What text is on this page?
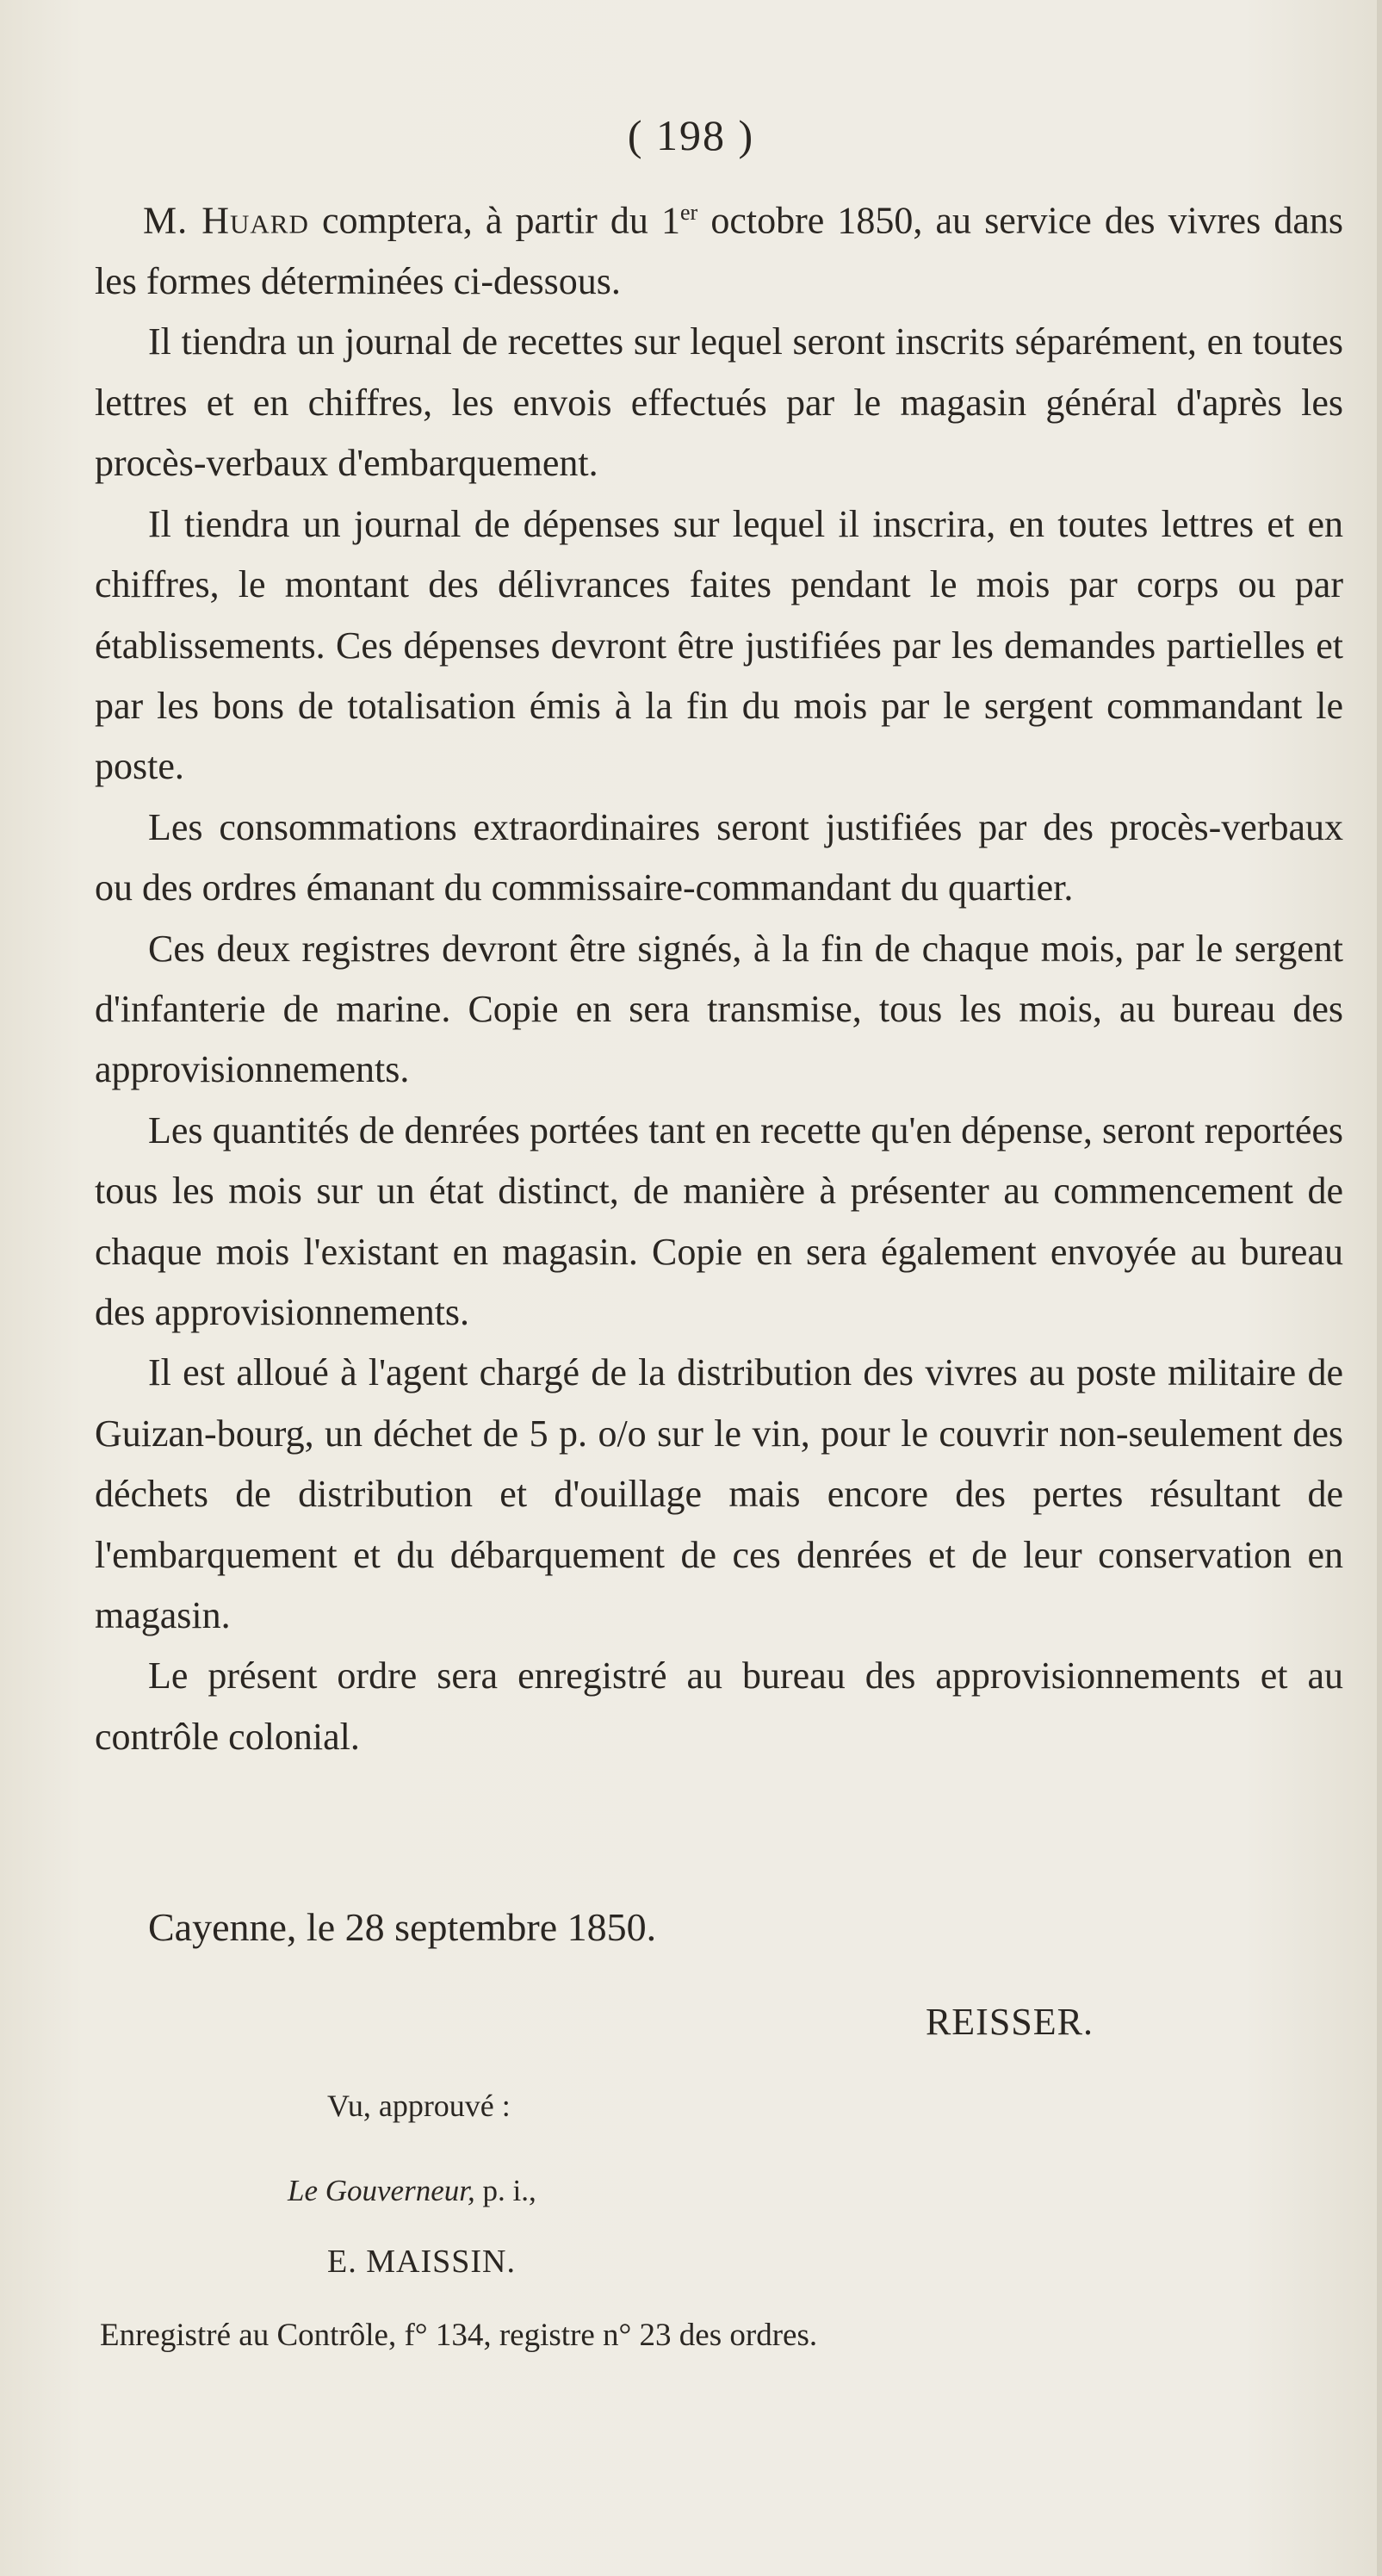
( 198 )

M. Huard comptera, à partir du 1er octobre 1850, au service des vivres dans les formes déterminées ci-dessous.

Il tiendra un journal de recettes sur lequel seront inscrits séparément, en toutes lettres et en chiffres, les envois effectués par le magasin général d'après les procès-verbaux d'embarquement.

Il tiendra un journal de dépenses sur lequel il inscrira, en toutes lettres et en chiffres, le montant des délivrances faites pendant le mois par corps ou par établissements. Ces dépenses devront être justifiées par les demandes partielles et par les bons de totalisation émis à la fin du mois par le sergent commandant le poste.

Les consommations extraordinaires seront justifiées par des procès-verbaux ou des ordres émanant du commissaire-commandant du quartier.

Ces deux registres devront être signés, à la fin de chaque mois, par le sergent d'infanterie de marine. Copie en sera transmise, tous les mois, au bureau des approvisionnements.

Les quantités de denrées portées tant en recette qu'en dépense, seront reportées tous les mois sur un état distinct, de manière à présenter au commencement de chaque mois l'existant en magasin. Copie en sera également envoyée au bureau des approvisionnements.

Il est alloué à l'agent chargé de la distribution des vivres au poste militaire de Guizan-bourg, un déchet de 5 p. o/o sur le vin, pour le couvrir non-seulement des déchets de distribution et d'ouillage mais encore des pertes résultant de l'embarquement et du débarquement de ces denrées et de leur conservation en magasin.

Le présent ordre sera enregistré au bureau des approvisionnements et au contrôle colonial.

Cayenne, le 28 septembre 1850.
REISSER.
Vu, approuvé :
Le Gouverneur, p. i.,
E. MAISSIN.
Enregistré au Contrôle, f° 134, registre n° 23 des ordres.
